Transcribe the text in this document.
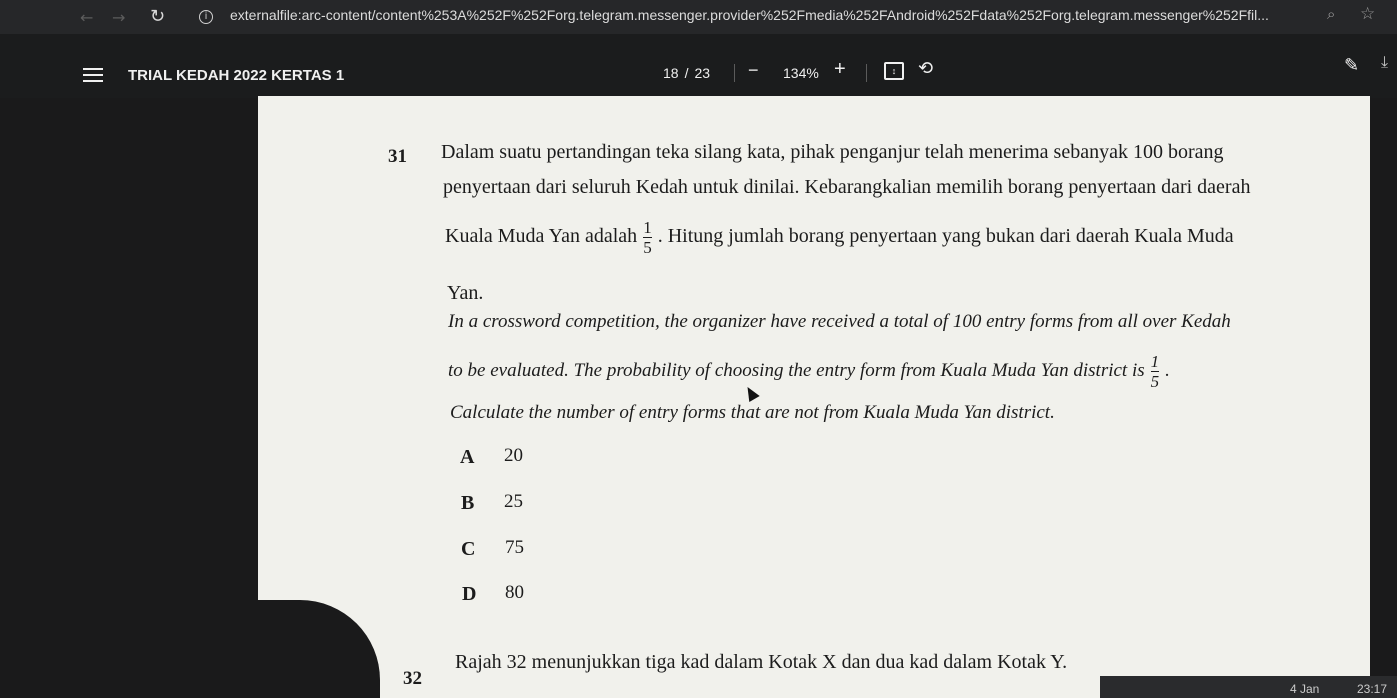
← → ↻	i	externalfile:arc-content/content%253A%252F%252Forg.telegram.messenger.provider%252Fmedia%252FAndroid%252Fdata%252Forg.telegram.messenger%252Ffil...	⌕ ☆
TRIAL KEDAH 2022 KERTAS 1	18 / 23 − 134% +	↕	⟲	✎ ⤓
31 Dalam suatu pertandingan teka silang kata, pihak penganjur telah menerima sebanyak 100 borang
penyertaan dari seluruh Kedah untuk dinilai. Kebarangkalian memilih borang penyertaan dari daerah
Kuala Muda Yan adalah $\frac{1}{5}$ . Hitung jumlah borang penyertaan yang bukan dari daerah Kuala Muda
Yan.
In a crossword competition, the organizer have received a total of 100 entry forms from all over Kedah
to be evaluated. The probability of choosing the entry form from Kuala Muda Yan district is $\frac{1}{5}$ .
Calculate the number of entry forms that are not from Kuala Muda Yan district.
A 20
B 25
C 75
D 80
32
Rajah 32 menunjukkan tiga kad dalam Kotak X dan dua kad dalam Kotak Y.
4 Jan	23:17
